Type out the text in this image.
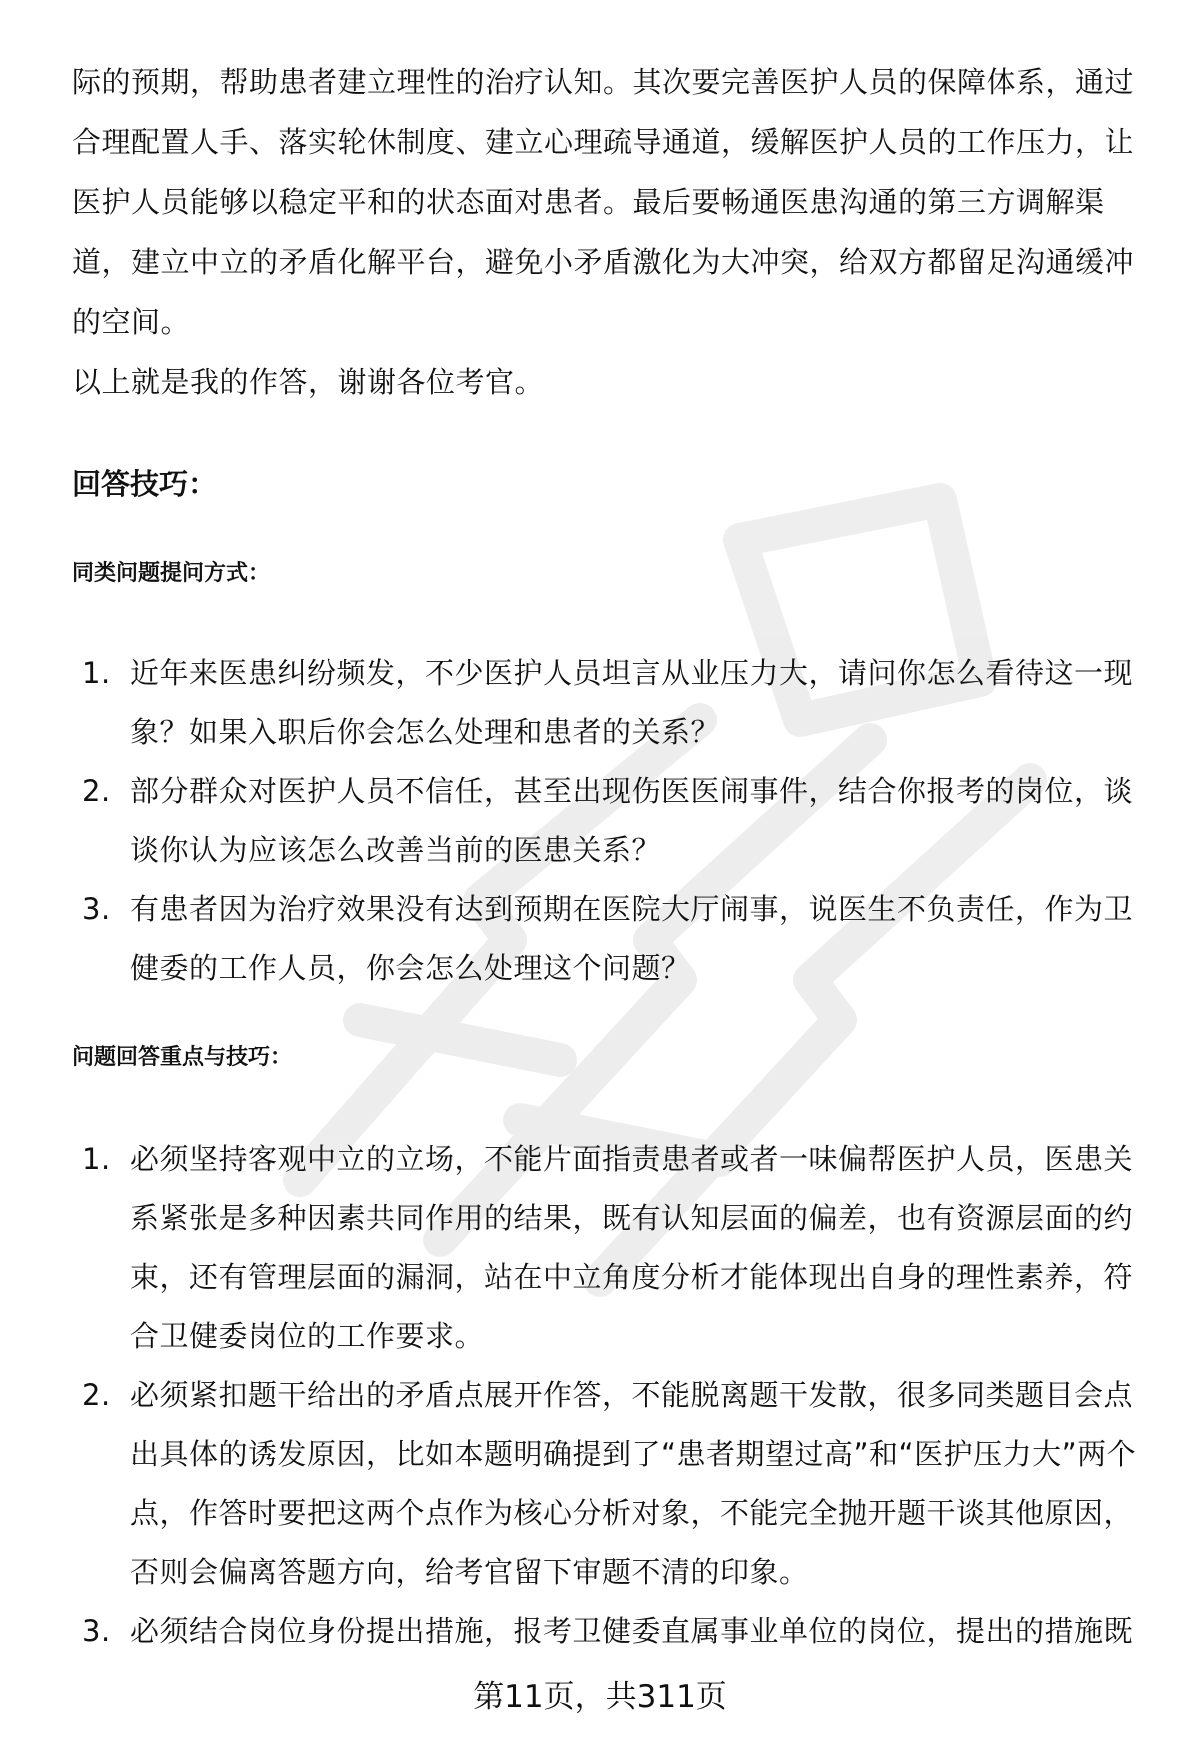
际的预期，帮助患者建立理性的治疗认知。其次要完善医护人员的保障体系，通过合理配置人手、落实轮休制度、建立心理疏导通道，缓解医护人员的工作压力，让医护人员能够以稳定平和的状态面对患者。最后要畅通医患沟通的第三方调解渠道，建立中立的矛盾化解平台，避免小矛盾激化为大冲突，给双方都留足沟通缓冲的空间。

以上就是我的作答，谢谢各位考官。

回答技巧：
同类问题提问方式：
1. 近年来医患纠纷频发，不少医护人员坦言从业压力大，请问你怎么看待这一现象？如果入职后你会怎么处理和患者的关系？
2. 部分群众对医护人员不信任，甚至出现伤医医闹事件，结合你报考的岗位，谈谈你认为应该怎么改善当前的医患关系？
3. 有患者因为治疗效果没有达到预期在医院大厅闹事，说医生不负责任，作为卫健委的工作人员，你会怎么处理这个问题？
问题回答重点与技巧：
1. 必须坚持客观中立的立场，不能片面指责患者或者一味偏帮医护人员，医患关系紧张是多种因素共同作用的结果，既有认知层面的偏差，也有资源层面的约束，还有管理层面的漏洞，站在中立角度分析才能体现出自身的理性素养，符合卫健委岗位的工作要求。
2. 必须紧扣题干给出的矛盾点展开作答，不能脱离题干发散，很多同类题目会点出具体的诱发原因，比如本题明确提到了“患者期望过高”和“医护压力大”两个点，作答时要把这两个点作为核心分析对象，不能完全抛开题干谈其他原因，否则会偏离答题方向，给考官留下审题不清的印象。
3. 必须结合岗位身份提出措施，报考卫健委直属事业单位的岗位，提出的措施既
第11页，共311页
